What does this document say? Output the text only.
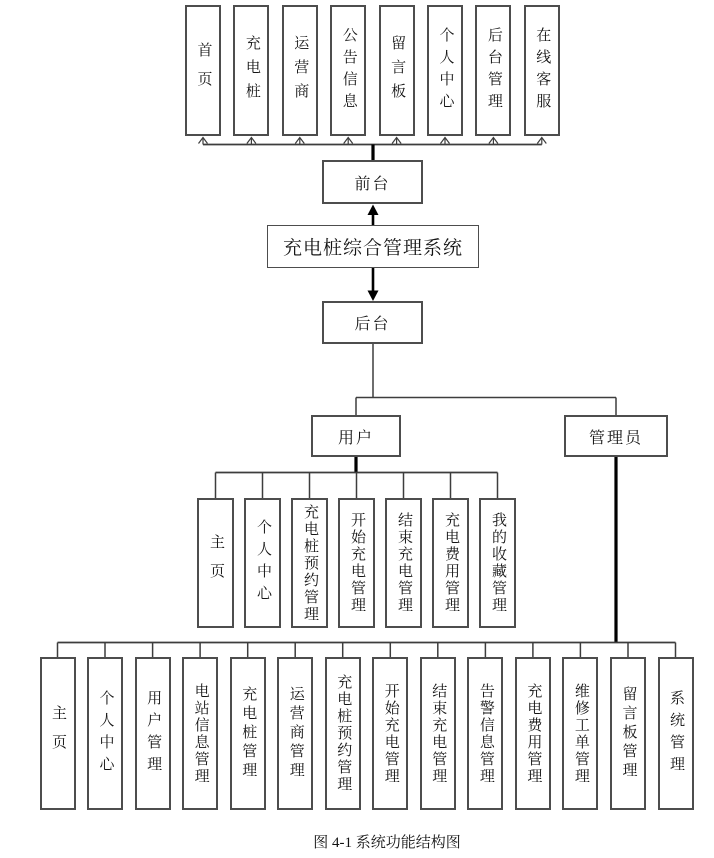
首页 充电桩 运营商 公告信息 留言板 个人中心 后台管理 在线客服
前台
充电桩综合管理系统
后台
用户	管理员
主页 个人中心 充电桩预约管理 开始充电管理 结束充电管理 充电费用管理 我的收藏管理
主页 个人中心 用户管理 电站信息管理 充电桩管理 运营商管理 充电桩预约管理 开始充电管理 结束充电管理 告警信息管理 充电费用管理 维修工单管理 留言板管理 系统管理
图 4-1 系统功能结构图
